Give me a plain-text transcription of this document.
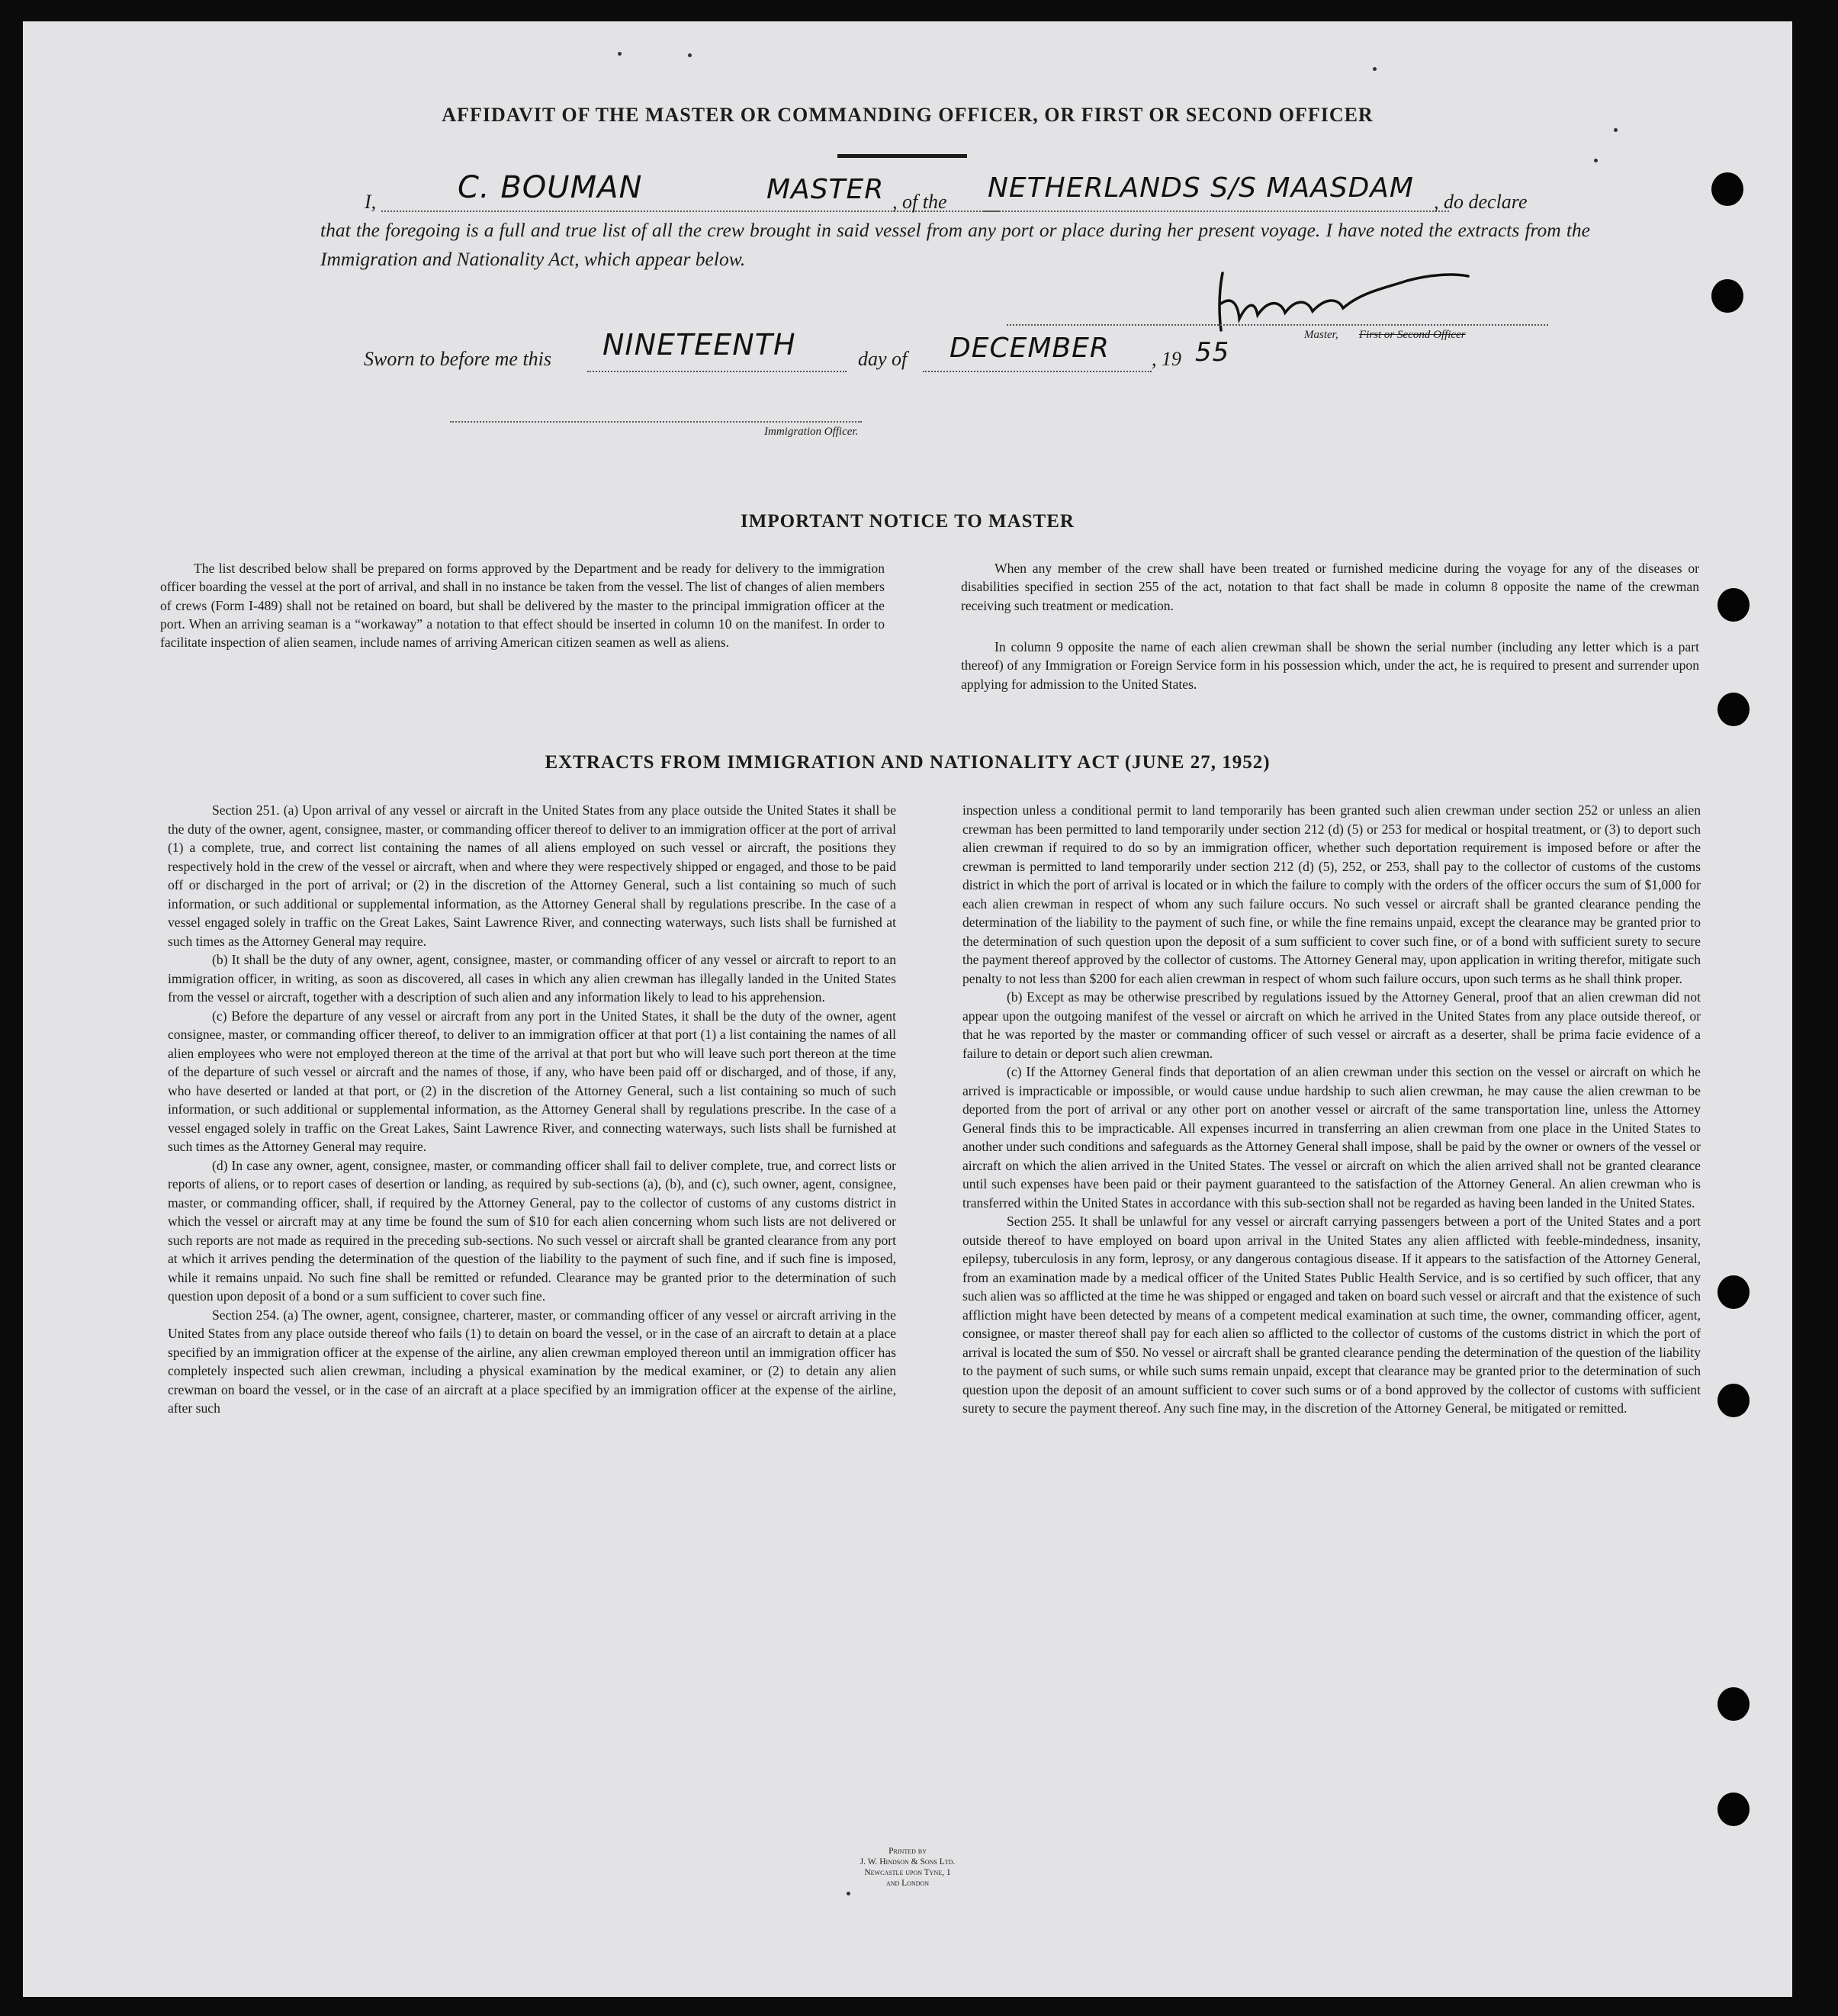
AFFIDAVIT OF THE MASTER OR COMMANDING OFFICER, OR FIRST OR SECOND OFFICER
I,	C. BOUMAN	MASTER , of the NETHERLANDS S/S MAASDAM , do declare
that the foregoing is a full and true list of all the crew brought in said vessel from any port or place during her present voyage. I have noted the extracts from the Immigration and Nationality Act, which appear below.
Master, First or Second Officer
Sworn to before me this NINETEENTH	day of DECEMBER , 19 55
Immigration Officer.
IMPORTANT NOTICE TO MASTER

The list described below shall be prepared on forms approved by the Department and be ready for delivery to the immigration officer boarding the vessel at the port of arrival, and shall in no instance be taken from the vessel. The list of changes of alien members of crews (Form I-489) shall not be retained on board, but shall be delivered by the master to the principal immigration officer at the port. When an arriving seaman is a “workaway” a notation to that effect should be inserted in column 10 on the manifest. In order to facilitate inspection of alien seamen, include names of arriving American citizen seamen as well as aliens.

When any member of the crew shall have been treated or furnished medicine during the voyage for any of the diseases or disabilities specified in section 255 of the act, notation to that fact shall be made in column 8 opposite the name of the crewman receiving such treatment or medication.

In column 9 opposite the name of each alien crewman shall be shown the serial number (including any letter which is a part thereof) of any Immigration or Foreign Service form in his possession which, under the act, he is required to present and surrender upon applying for admission to the United States.

EXTRACTS FROM IMMIGRATION AND NATIONALITY ACT (JUNE 27, 1952)

Section 251. (a) Upon arrival of any vessel or aircraft in the United States from any place outside the United States it shall be the duty of the owner, agent, consignee, master, or commanding officer thereof to deliver to an immigration officer at the port of arrival (1) a complete, true, and correct list containing the names of all aliens employed on such vessel or aircraft, the positions they respectively hold in the crew of the vessel or aircraft, when and where they were respectively shipped or engaged, and those to be paid off or discharged in the port of arrival; or (2) in the discretion of the Attorney General, such a list containing so much of such information, or such additional or supplemental information, as the Attorney General shall by regulations prescribe. In the case of a vessel engaged solely in traffic on the Great Lakes, Saint Lawrence River, and connecting waterways, such lists shall be furnished at such times as the Attorney General may require.

(b) It shall be the duty of any owner, agent, consignee, master, or commanding officer of any vessel or aircraft to report to an immigration officer, in writing, as soon as discovered, all cases in which any alien crewman has illegally landed in the United States from the vessel or aircraft, together with a description of such alien and any information likely to lead to his apprehension.

(c) Before the departure of any vessel or aircraft from any port in the United States, it shall be the duty of the owner, agent consignee, master, or commanding officer thereof, to deliver to an immigration officer at that port (1) a list containing the names of all alien employees who were not employed thereon at the time of the arrival at that port but who will leave such port thereon at the time of the departure of such vessel or aircraft and the names of those, if any, who have been paid off or discharged, and of those, if any, who have deserted or landed at that port, or (2) in the discretion of the Attorney General, such a list containing so much of such information, or such additional or supplemental information, as the Attorney General shall by regulations prescribe. In the case of a vessel engaged solely in traffic on the Great Lakes, Saint Lawrence River, and connecting waterways, such lists shall be furnished at such times as the Attorney General may require.

(d) In case any owner, agent, consignee, master, or commanding officer shall fail to deliver complete, true, and correct lists or reports of aliens, or to report cases of desertion or landing, as required by sub-sections (a), (b), and (c), such owner, agent, consignee, master, or commanding officer, shall, if required by the Attorney General, pay to the collector of customs of any customs district in which the vessel or aircraft may at any time be found the sum of $10 for each alien concerning whom such lists are not delivered or such reports are not made as required in the preceding sub-sections. No such vessel or aircraft shall be granted clearance from any port at which it arrives pending the determination of the question of the liability to the payment of such fine, and if such fine is imposed, while it remains unpaid. No such fine shall be remitted or refunded. Clearance may be granted prior to the determination of such question upon deposit of a bond or a sum sufficient to cover such fine.

Section 254. (a) The owner, agent, consignee, charterer, master, or commanding officer of any vessel or aircraft arriving in the United States from any place outside thereof who fails (1) to detain on board the vessel, or in the case of an aircraft to detain at a place specified by an immigration officer at the expense of the airline, any alien crewman employed thereon until an immigration officer has completely inspected such alien crewman, including a physical examination by the medical examiner, or (2) to detain any alien crewman on board the vessel, or in the case of an aircraft at a place specified by an immigration officer at the expense of the airline, after such

inspection unless a conditional permit to land temporarily has been granted such alien crewman under section 252 or unless an alien crewman has been permitted to land temporarily under section 212 (d) (5) or 253 for medical or hospital treatment, or (3) to deport such alien crewman if required to do so by an immigration officer, whether such deportation requirement is imposed before or after the crewman is permitted to land temporarily under section 212 (d) (5), 252, or 253, shall pay to the collector of customs of the customs district in which the port of arrival is located or in which the failure to comply with the orders of the officer occurs the sum of $1,000 for each alien crewman in respect of whom any such failure occurs. No such vessel or aircraft shall be granted clearance pending the determination of the liability to the payment of such fine, or while the fine remains unpaid, except the clearance may be granted prior to the determination of such question upon the deposit of a sum sufficient to cover such fine, or of a bond with sufficient surety to secure the payment thereof approved by the collector of customs. The Attorney General may, upon application in writing therefor, mitigate such penalty to not less than $200 for each alien crewman in respect of whom such failure occurs, upon such terms as he shall think proper.

(b) Except as may be otherwise prescribed by regulations issued by the Attorney General, proof that an alien crewman did not appear upon the outgoing manifest of the vessel or aircraft on which he arrived in the United States from any place outside thereof, or that he was reported by the master or commanding officer of such vessel or aircraft as a deserter, shall be prima facie evidence of a failure to detain or deport such alien crewman.

(c) If the Attorney General finds that deportation of an alien crewman under this section on the vessel or aircraft on which he arrived is impracticable or impossible, or would cause undue hardship to such alien crewman, he may cause the alien crewman to be deported from the port of arrival or any other port on another vessel or aircraft of the same transportation line, unless the Attorney General finds this to be impracticable. All expenses incurred in transferring an alien crewman from one place in the United States to another under such conditions and safeguards as the Attorney General shall impose, shall be paid by the owner or owners of the vessel or aircraft on which the alien arrived in the United States. The vessel or aircraft on which the alien arrived shall not be granted clearance until such expenses have been paid or their payment guaranteed to the satisfaction of the Attorney General. An alien crewman who is transferred within the United States in accordance with this sub-section shall not be regarded as having been landed in the United States.

Section 255. It shall be unlawful for any vessel or aircraft carrying passengers between a port of the United States and a port outside thereof to have employed on board upon arrival in the United States any alien afflicted with feeble-mindedness, insanity, epilepsy, tuberculosis in any form, leprosy, or any dangerous contagious disease. If it appears to the satisfaction of the Attorney General, from an examination made by a medical officer of the United States Public Health Service, and is so certified by such officer, that any such alien was so afflicted at the time he was shipped or engaged and taken on board such vessel or aircraft and that the existence of such affliction might have been detected by means of a competent medical examination at such time, the owner, commanding officer, agent, consignee, or master thereof shall pay for each alien so afflicted to the collector of customs of the customs district in which the port of arrival is located the sum of $50. No vessel or aircraft shall be granted clearance pending the determination of the question of the liability to the payment of such sums, or while such sums remain unpaid, except that clearance may be granted prior to the determination of such question upon the deposit of an amount sufficient to cover such sums or of a bond approved by the collector of customs with sufficient surety to secure the payment thereof. Any such fine may, in the discretion of the Attorney General, be mitigated or remitted.

Printed by
J. W. Hindson & Sons Ltd.
Newcastle upon Tyne, 1
and London
